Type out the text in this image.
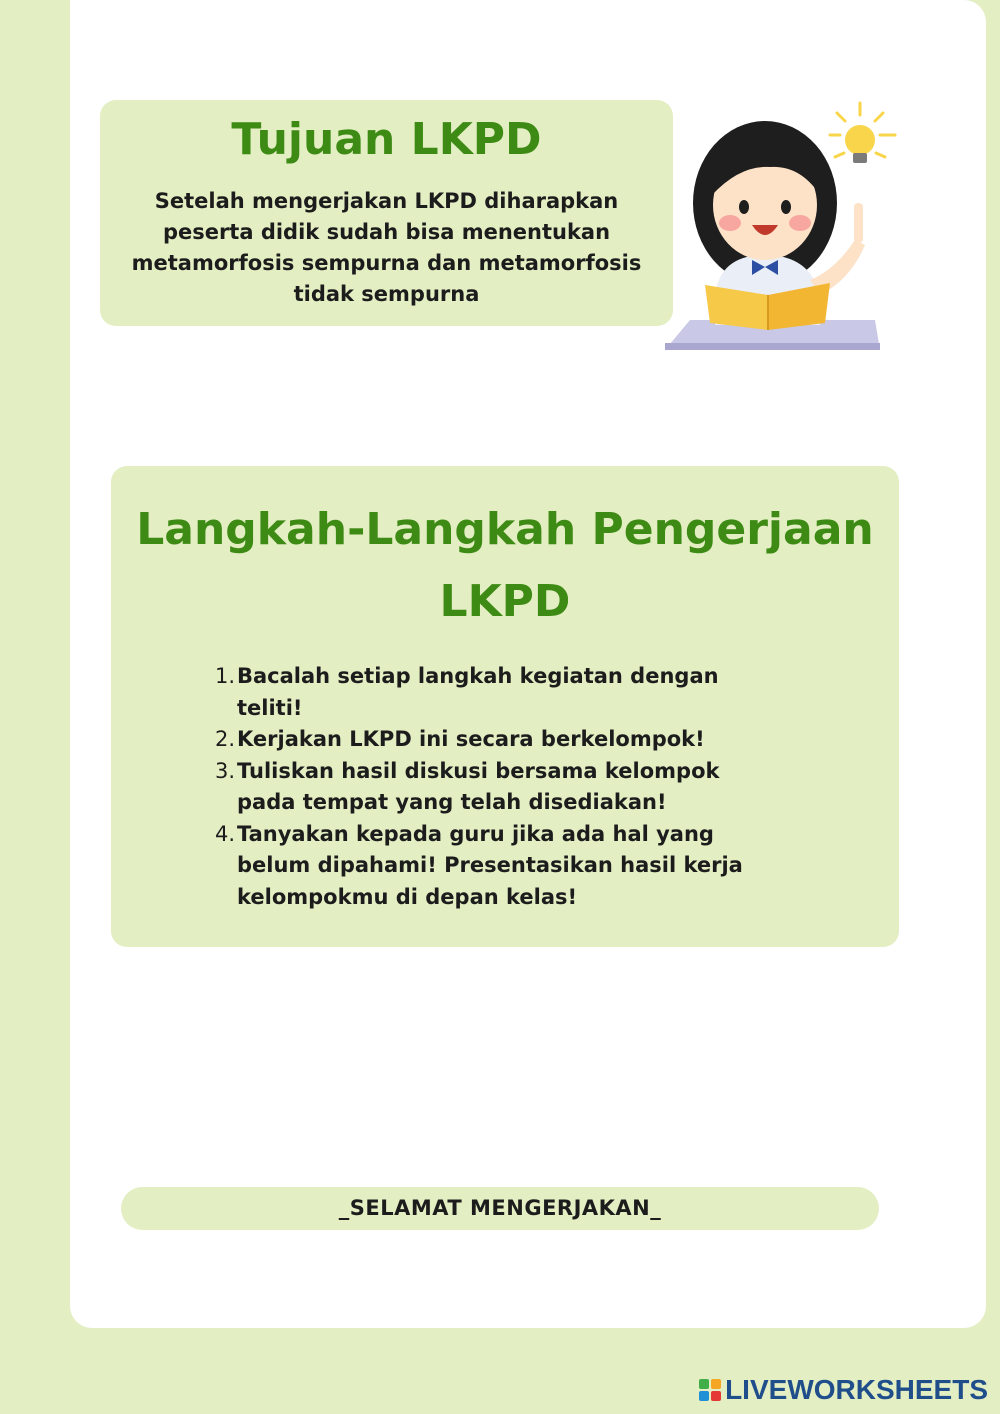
Tujuan LKPD
Setelah mengerjakan LKPD diharapkan
peserta didik sudah bisa menentukan
metamorfosis sempurna dan metamorfosis
tidak sempurna
Langkah-Langkah Pengerjaan
LKPD
1. Bacalah setiap langkah kegiatan dengan
teliti!
2. Kerjakan LKPD ini secara berkelompok!
3. Tuliskan hasil diskusi bersama kelompok
pada tempat yang telah disediakan!
4. Tanyakan kepada guru jika ada hal yang
belum dipahami! Presentasikan hasil kerja
kelompokmu di depan kelas!
_SELAMAT MENGERJAKAN_
LIVEWORKSHEETS
